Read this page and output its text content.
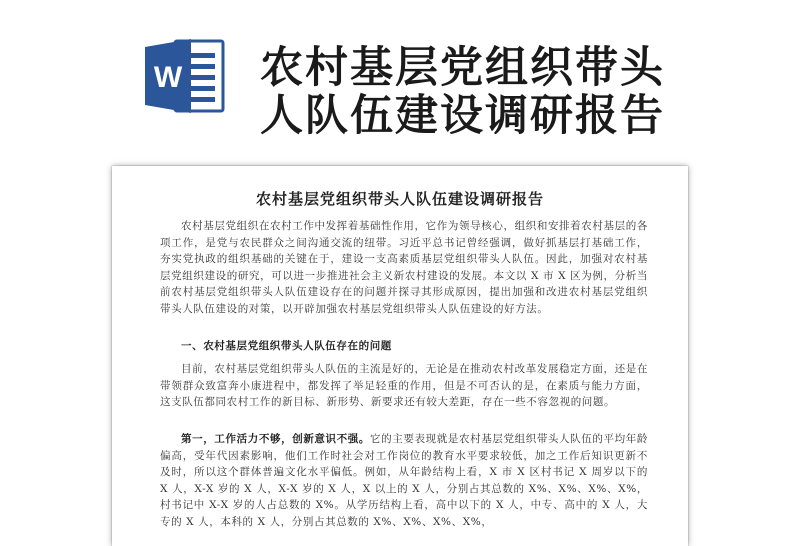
W 农村基层党组织带头
人队伍建设调研报告
农村基层党组织带头人队伍建设调研报告

农村基层党组织在农村工作中发挥着基础性作用，它作为领导核心，组织和安排着农村基层的各项工作，是党与农民群众之间沟通交流的纽带。习近平总书记曾经强调，做好抓基层打基础工作，夯实党执政的组织基础的关键在于，建设一支高素质基层党组织带头人队伍。因此，加强对农村基层党组织建设的研究，可以进一步推进社会主义新农村建设的发展。本文以 X 市 X 区为例，分析当前农村基层党组织带头人队伍建设存在的问题并探寻其形成原因，提出加强和改进农村基层党组织带头人队伍建设的对策，以开辟加强农村基层党组织带头人队伍建设的好方法。

一、农村基层党组织带头人队伍存在的问题

目前，农村基层党组织带头人队伍的主流是好的，无论是在推动农村改革发展稳定方面，还是在带领群众致富奔小康进程中，都发挥了举足轻重的作用，但是不可否认的是，在素质与能力方面，这支队伍都同农村工作的新目标、新形势、新要求还有较大差距，存在一些不容忽视的问题。

第一，工作活力不够，创新意识不强。它的主要表现就是农村基层党组织带头人队伍的平均年龄偏高，受年代因素影响，他们工作时社会对工作岗位的教育水平要求较低，加之工作后知识更新不及时，所以这个群体普遍文化水平偏低。例如，从年龄结构上看，X 市 X 区村书记 X 周岁以下的 X 人，X-X 岁的 X 人，X-X 岁的 X 人，X 以上的 X 人，分别占其总数的 X%、X%、X%、X%，村书记中 X-X 岁的人占总数的 X%。从学历结构上看，高中以下的 X 人，中专、高中的 X 人，大专的 X 人，本科的 X 人，分别占其总数的 X%、X%、X%、X%，
